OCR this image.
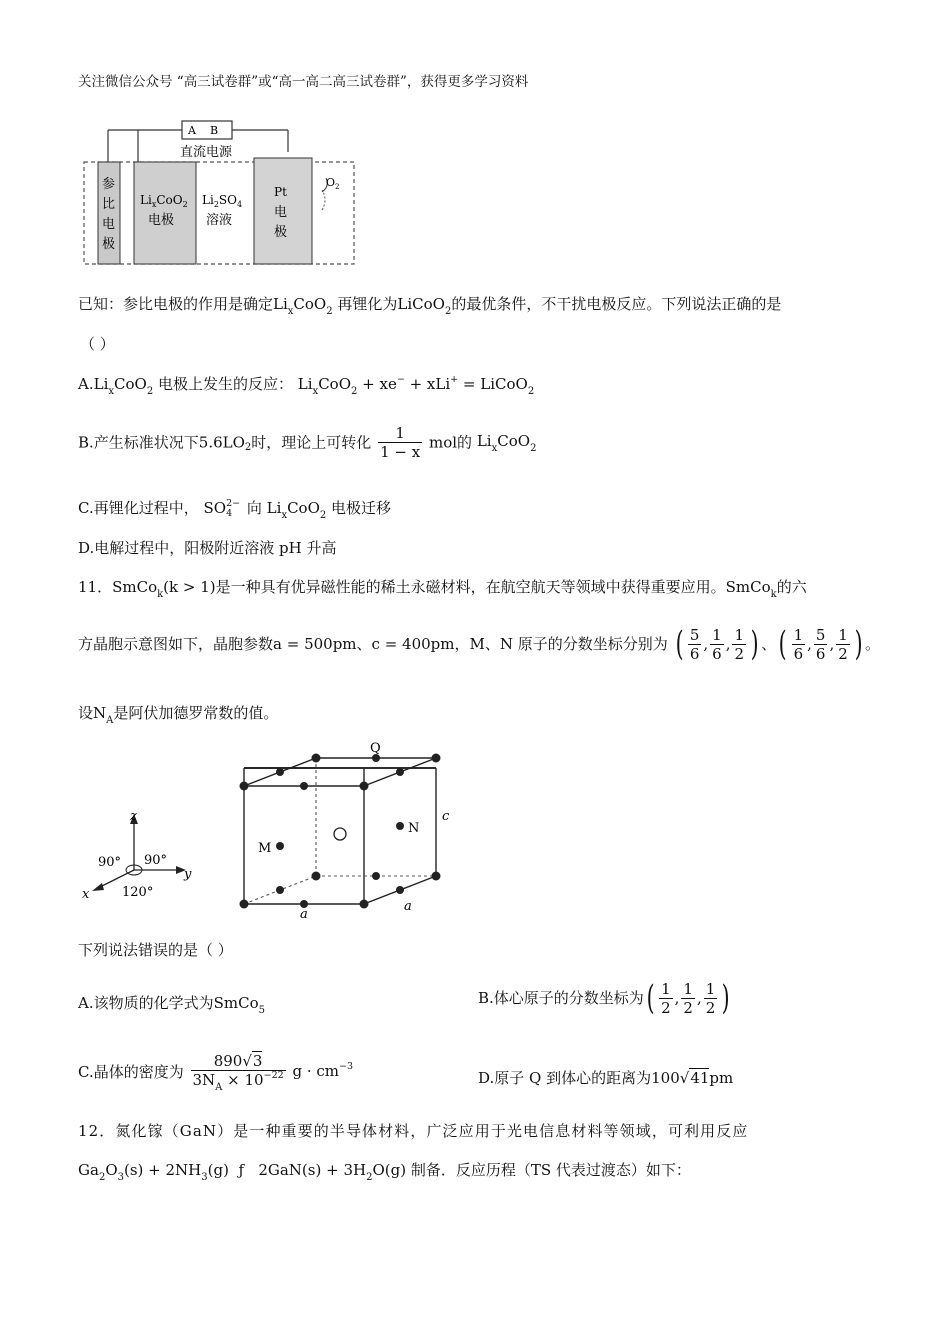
关注微信公众号 “高三试卷群”或“高一高二高三试卷群”，获得更多学习资料
A B
直流电源
参
比
电
极
$Li_xCoO_2$
电极
$Li_2SO_4$
溶液
Pt
电
极
$O_2$
已知：参比电极的作用是确定$Li_xCoO_2$ 再锂化为LiCoO$_2$的最优条件，不干扰电极反应。下列说法正确的是
（ ）
$A.Li_xCoO_2$ 电极上发生的反应： $Li_xCoO_2 + xe^- + xLi^+$ = LiCoO$_2$
B.产生标准状况下$5.6LO_2$时，理论上可转化 $\frac{1}{1 - x}$ mol的 $Li_xCoO_2$
C.再锂化过程中， SO 2−
4 向 $Li_xCoO_2$ 电极迁移
D.电解过程中，阳极附近溶液 pH 升高
11．SmCo$_k$(k > 1)是一种具有优异磁性能的稀土永磁材料，在航空航天等领域中获得重要应用。SmCo$_k$的六
方晶胞示意图如下，晶胞参数a = 500pm、c = 400pm，M、N 原子的分数坐标分别为 ( $\frac{5}{6}$ , $\frac{1}{6}$ , $\frac{1}{2}$ ) 、( $\frac{1}{6}$ , $\frac{5}{6}$ , $\frac{1}{2}$ ) 。
设$N_A$是阿伏加德罗常数的值。
z
y
x
90° 90°
120°
Q
M
N
c
a
a
下列说法错误的是（ ）
A.该物质的化学式为SmCo$_5$
B.体心原子的分数坐标为( $\frac{1}{2}$ , $\frac{1}{2}$ , $\frac{1}{2}$ )
C.晶体的密度为 $\frac{890√3}{3N_A \times 10^{-22}}$ $g \cdot cm^{-3}$
D.原子 Q 到体心的距离为100√41pm
12．氮化镓（GaN）是一种重要的半导体材料，广泛应用于光电信息材料等领域，可利用反应
$Ga_2O_3(s) + 2NH_3(g)$  ƒ   $2GaN(s) + 3H_2O(g)$ 制备．反应历程（TS 代表过渡态）如下：
